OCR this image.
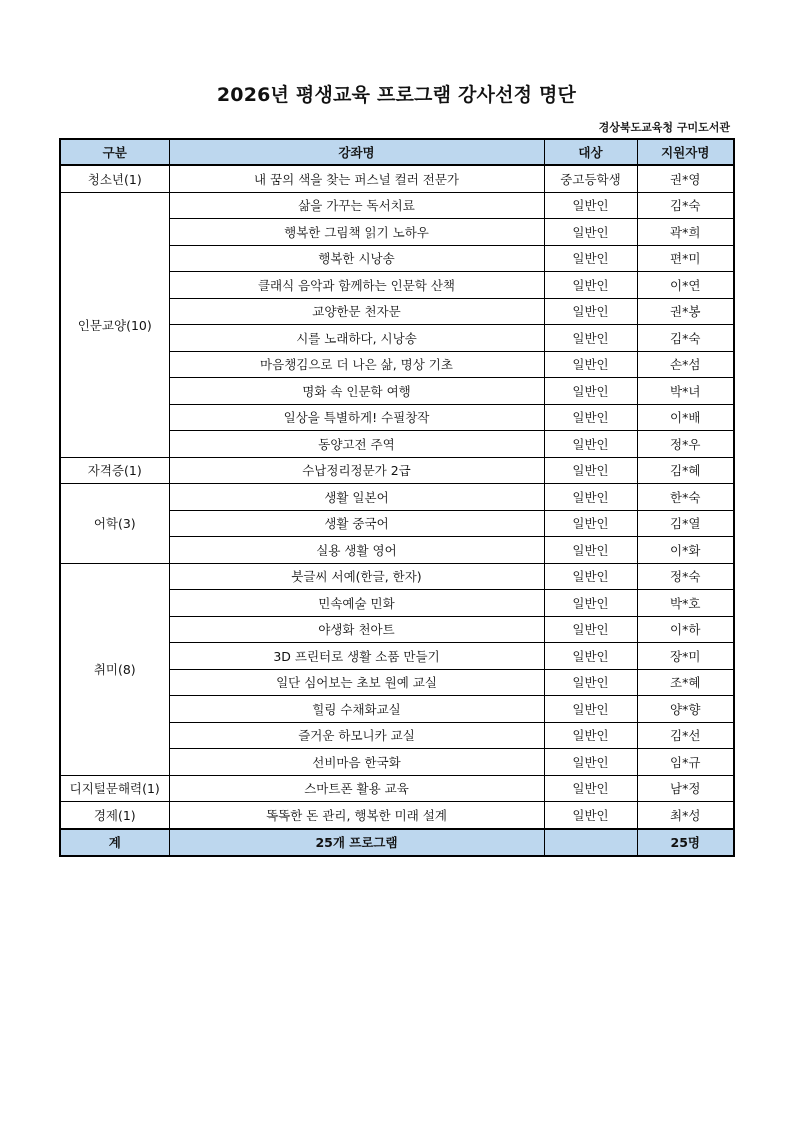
2026년 평생교육 프로그램 강사선정 명단
경상북도교육청 구미도서관
구분	강좌명	대상	지원자명
청소년(1)	내 꿈의 색을 찾는 퍼스널 컬러 전문가	중고등학생	권*영
인문교양(10)	삶을 가꾸는 독서치료	일반인	김*숙
	행복한 그림책 읽기 노하우	일반인	곽*희
	행복한 시낭송	일반인	편*미
	클래식 음악과 함께하는 인문학 산책	일반인	이*연
	교양한문 천자문	일반인	권*봉
	시를 노래하다, 시낭송	일반인	김*숙
	마음챙김으로 더 나은 삶, 명상 기초	일반인	손*섬
	명화 속 인문학 여행	일반인	박*녀
	일상을 특별하게! 수필창작	일반인	이*배
	동양고전 주역	일반인	정*우
자격증(1)	수납정리정문가 2급	일반인	김*혜
어학(3)	생활 일본어	일반인	한*숙
	생활 중국어	일반인	김*열
	실용 생활 영어	일반인	이*화
취미(8)	붓글씨 서예(한글, 한자)	일반인	정*숙
	민속예술 민화	일반인	박*호
	야생화 천아트	일반인	이*하
	3D 프린터로 생활 소품 만들기	일반인	장*미
	일단 심어보는 초보 원예 교실	일반인	조*혜
	힐링 수채화교실	일반인	양*향
	즐거운 하모니카 교실	일반인	김*선
	선비마음 한국화	일반인	임*규
디지털문해력(1)	스마트폰 활용 교육	일반인	남*정
경제(1)	똑똑한 돈 관리, 행복한 미래 설계	일반인	최*성
계	25개 프로그램		25명
